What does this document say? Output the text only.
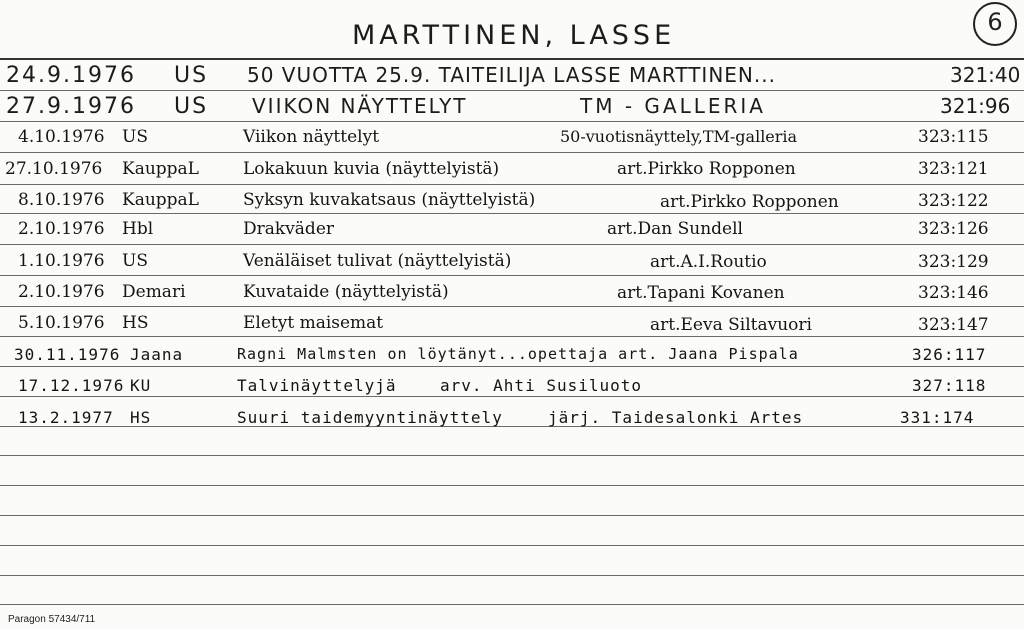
MARTTINEN, LASSE	6
24.9.1976 US 50 VUOTTA 25.9. TAITEILIJA LASSE MARTTINEN...	321:40
27.9.1976 US VIIKON NÄYTTELYT	TM - GALLERIA	321:96
4.10.1976 US	Viikon näyttelyt	50-vuotisnäyttely,TM-galleria	323:115
27.10.1976 KauppaL	Lokakuun kuvia (näyttelyistä)	art.Pirkko Ropponen	323:121
8.10.1976 KauppaL	Syksyn kuvakatsaus (näyttelyistä)	art.Pirkko Ropponen	323:122
2.10.1976 Hbl	Drakväder	art.Dan Sundell	323:126
1.10.1976 US	Venäläiset tulivat (näyttelyistä)	art.A.I.Routio	323:129
2.10.1976 Demari	Kuvataide (näyttelyistä)	art.Tapani Kovanen	323:146
5.10.1976 HS	Eletyt maisemat	art.Eeva Siltavuori	323:147
30.11.1976 Jaana	Ragni Malmsten on löytänyt...opettaja art. Jaana Pispala	326:117
17.12.1976 KU	Talvinäyttelyjä	arv. Ahti Susiluoto	327:118
13.2.1977 HS	Suuri taidemyyntinäyttely	järj. Taidesalonki Artes	331:174
Paragon 57434/711
